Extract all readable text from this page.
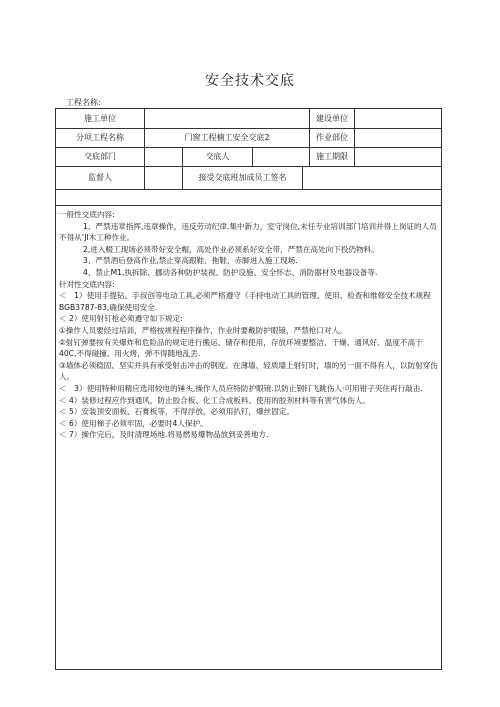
安全技术交底
工程名称:
施工单位	建设单位
分项工程名称	门窗工程楠工安全交底2	作业部位
交底部门	交底人	施工期限
监督人	接受交底班加成员工签名

一般性交底内容:

1、严禁违章指挥,违章操作，违反劳动纪律.集中新力，室守岗位,未任专业培训部门培训并得上岗证的人员不得从’JI木工种作业。

2,进入輟工现场必须带好安全帽，高处作业必须系好安全带，严禁在高处向下投仍物料。

3、严禁酒后登高作业,禁止穿高跟鞋、拖鞋、赤脚进入施工现场.

4、禁止M1,执拆除、挪动各种防护装视、防护设施、安全怀志、消防器材及电器设备等.

针对性交底内容:

＜　1）使用手提钻、手叔创等电动工具,必须严格遵守《手持电动工具的管理、使用、检查和维修安全技术规程BGB3787-83,确保使用安全.

＜ 2）使用射钉枪必须遵守如下规定:

①操作人员要经过培训，严格按规程程序操作，作业时要戴防护眼镜，严禁枪口对人。

②射钉弹要按有关爆炸和危险品的规定进行搬运、储存和使用，存放环境要整洁、干燥、通风好、温度不高于40C,不得碰撞、用火烤，弹不得随地乱丢.

③墙体必须稳固、坚实并具有承受射击冲击的钢度。在薄墙、轻质墙上射钉时，墙的另一面不得有人，以防射穿伤人。

＜　3）使用特种用精应选用较电的锤头,操作人员应特防护眼镜.以防止钢钉飞跳伤人·可用钳子夹住再行敲击.

＜ 4）装修过程应作到通风，防止胶合板、化工合成板料、使用的胶剂材料等有害气体伤人。

＜ 5）安装顶安面板、石膏板等，不得浮放，必须用扒钉，爆丝固定。

＜ 6）使用梯子必须牢固，必要时4人保护。

＜ 7）操作完后，及时清理场地.将易燃易爆物品放到妥善地方.
